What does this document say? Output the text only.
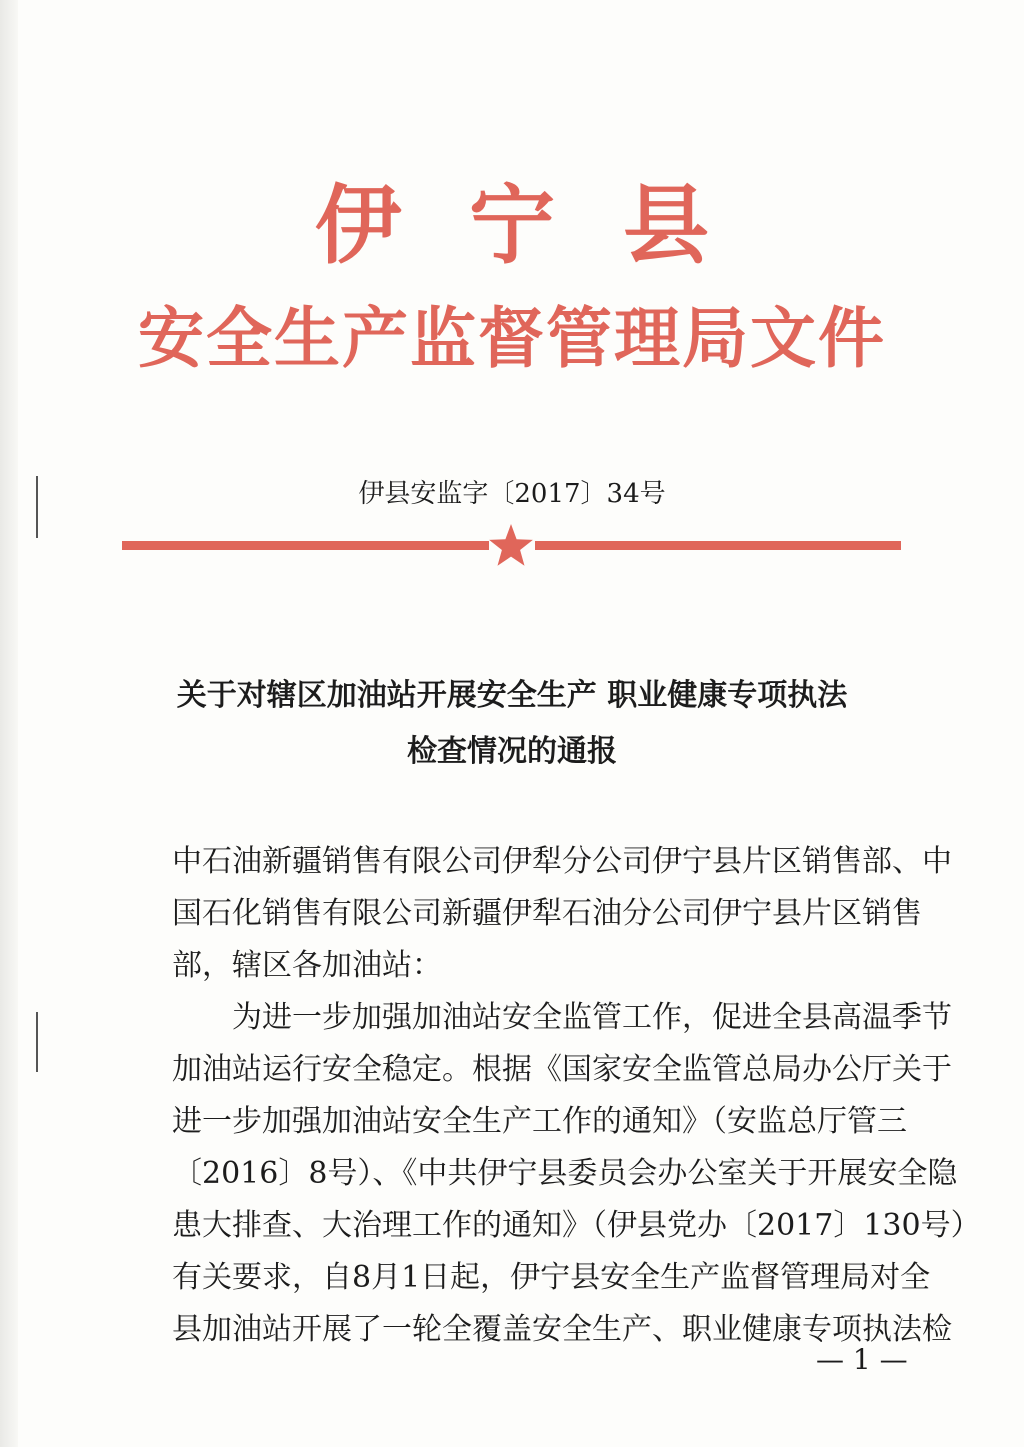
伊宁县
安全生产监督管理局文件
伊县安监字〔2017〕34号
关于对辖区加油站开展安全生产 职业健康专项执法
检查情况的通报
中石油新疆销售有限公司伊犁分公司伊宁县片区销售部、中
国石化销售有限公司新疆伊犁石油分公司伊宁县片区销售
部，辖区各加油站：
为进一步加强加油站安全监管工作，促进全县高温季节
加油站运行安全稳定。根据《国家安全监管总局办公厅关于
进一步加强加油站安全生产工作的通知》（安监总厅管三
〔2016〕8号）、《中共伊宁县委员会办公室关于开展安全隐
患大排查、大治理工作的通知》（伊县党办〔2017〕130号）
有关要求，自8月1日起，伊宁县安全生产监督管理局对全
县加油站开展了一轮全覆盖安全生产、职业健康专项执法检
— 1 —
